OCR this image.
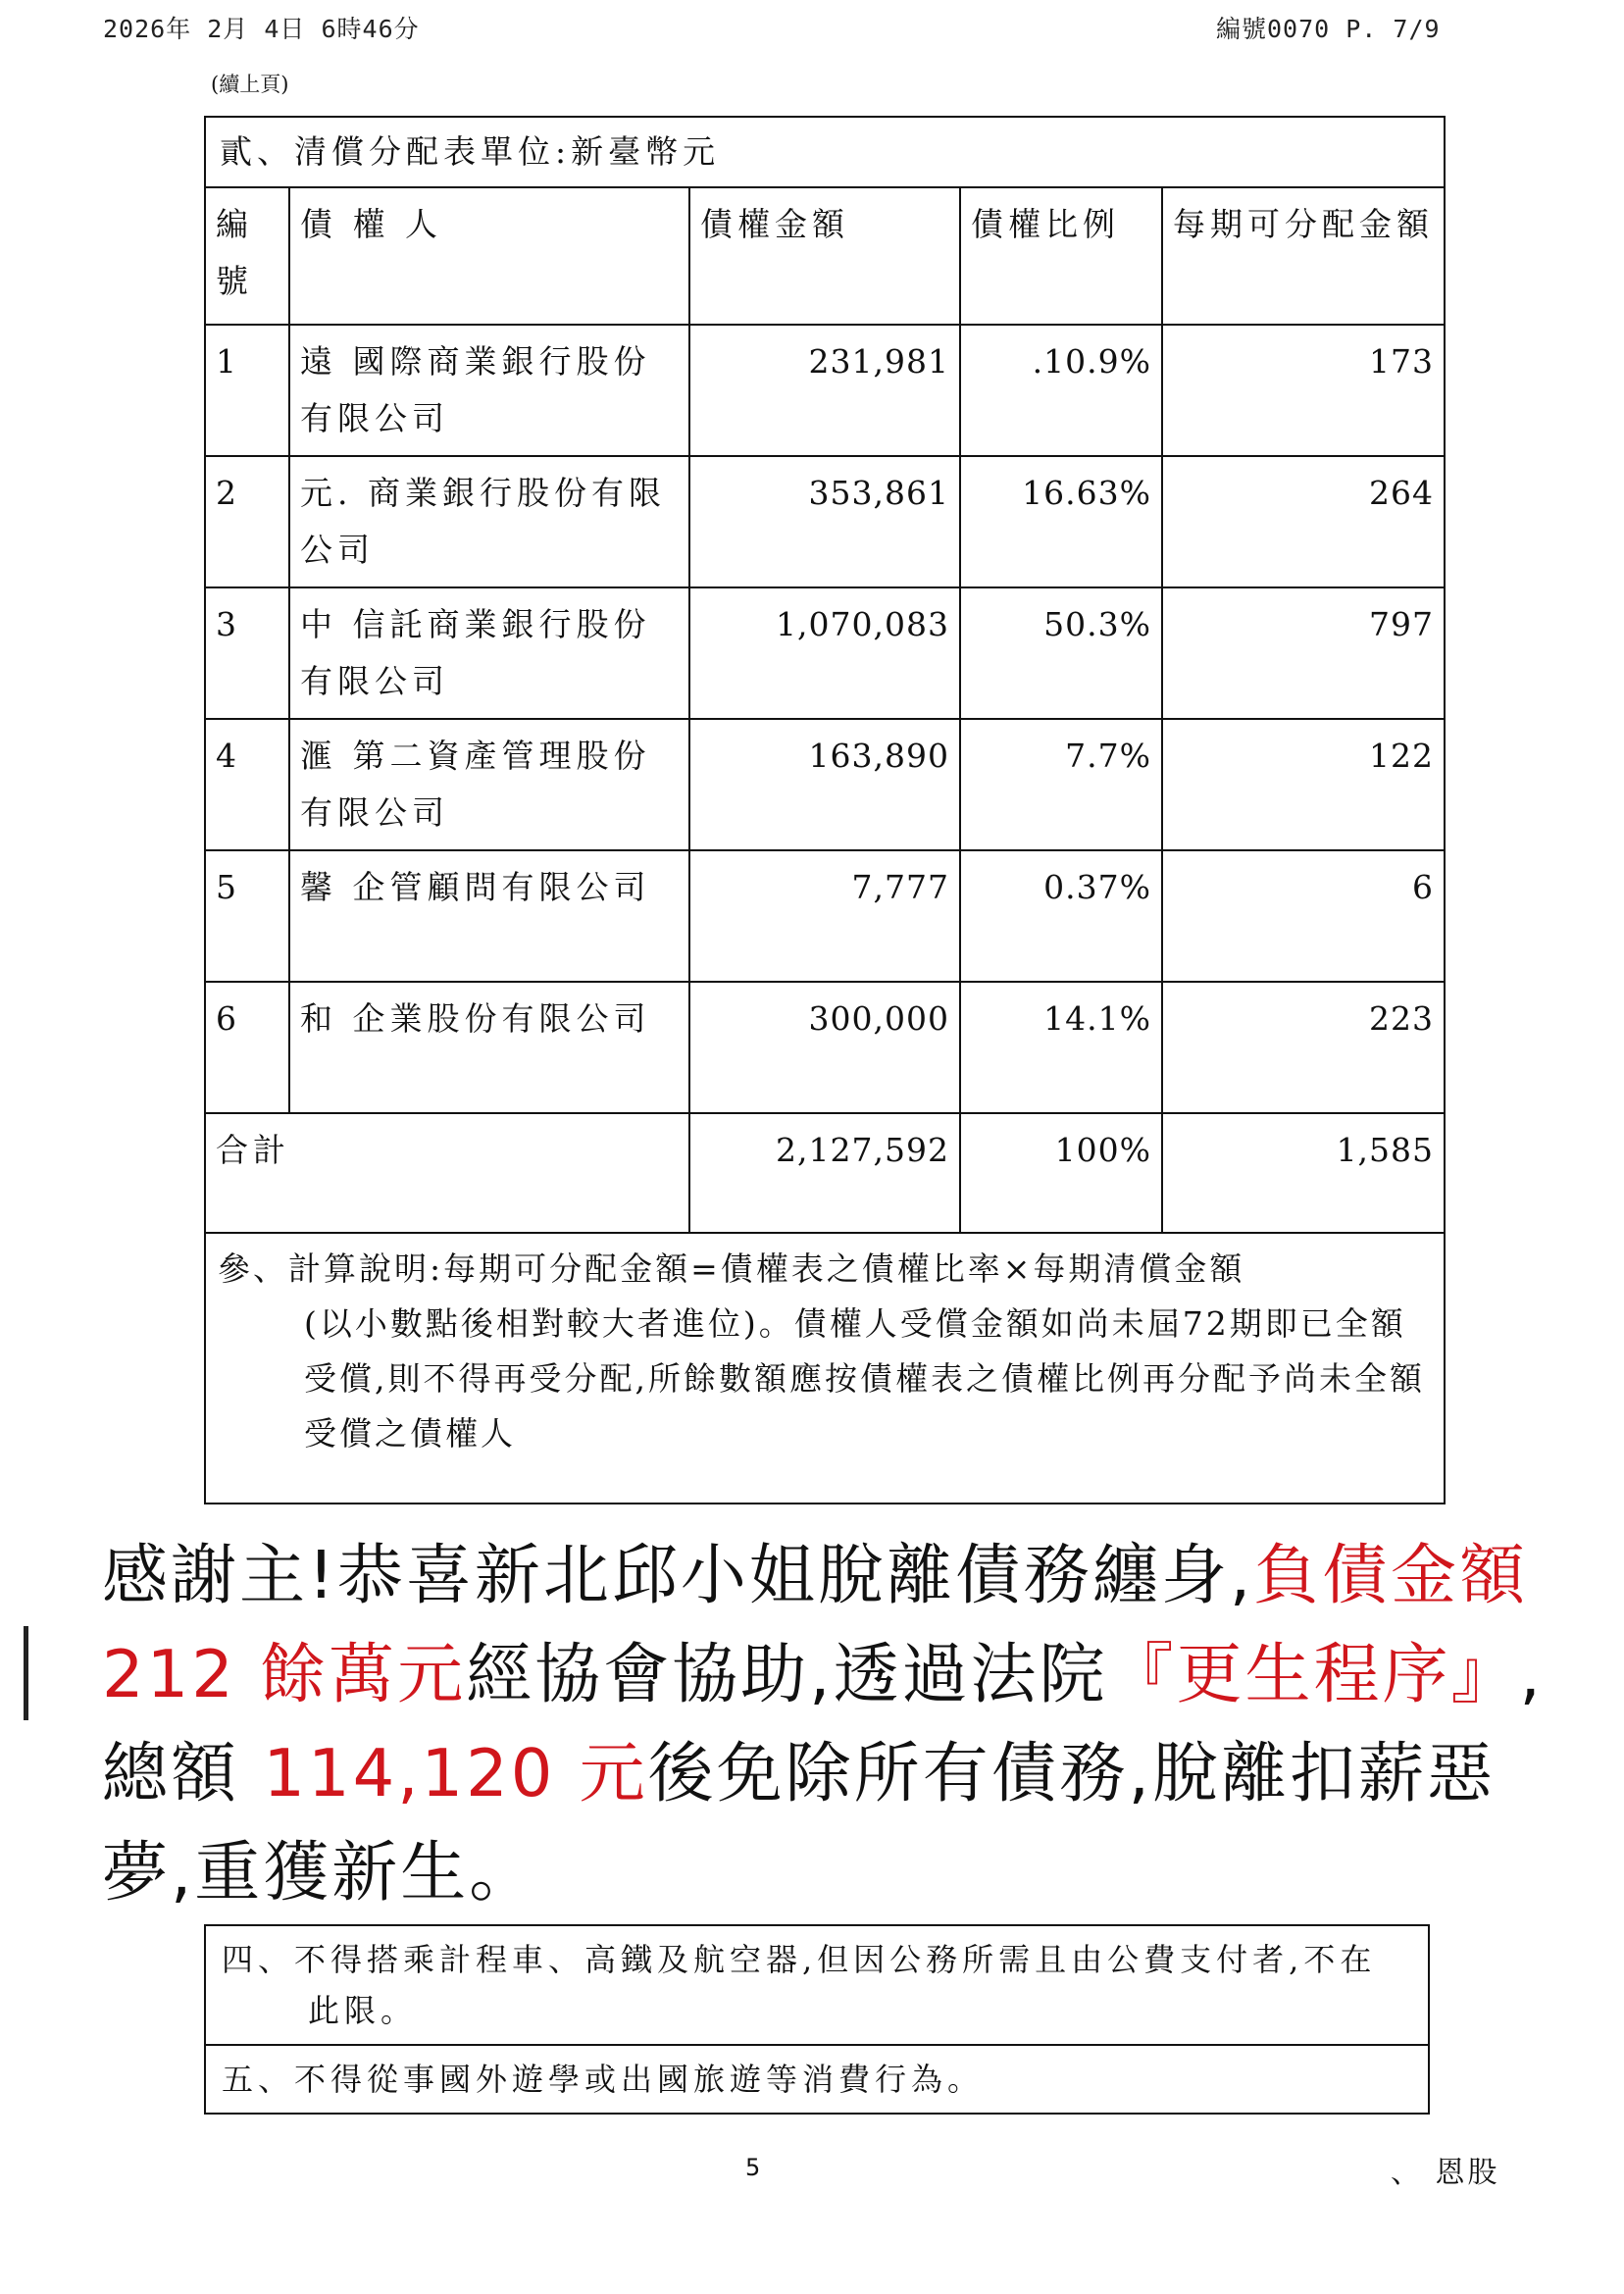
2026年 2月 4日 6時46分	編號0070 P. 7/9
(續上頁)
貳、清償分配表單位:新臺幣元				
編號	債 權 人	債權金額	債權比例	每期可分配金額
1	遠 國際商業銀行股份有限公司	231,981	.10.9%	173
2	元. 商業銀行股份有限公司	353,861	16.63%	264
3	中 信託商業銀行股份有限公司	1,070,083	50.3%	797
4	滙 第二資產管理股份有限公司	163,890	7.7%	122
5	馨 企管顧問有限公司	7,777	0.37%	6
6	和 企業股份有限公司	300,000	14.1%	223
合計		2,127,592	100%	1,585
參、計算說明:每期可分配金額=債權表之債權比率×每期清償金額
(以小數點後相對較大者進位)。債權人受償金額如尚未屆72期即已全額受償,則不得再受分配,所餘數額應按債權表之債權比例再分配予尚未全額受償之債權人				
感謝主!恭喜新北邱小姐脫離債務纏身,負債金額 212 餘萬元經協會協助,透過法院『更生程序』,總額 114,120 元後免除所有債務,脫離扣薪惡夢,重獲新生。
四、不得搭乘計程車、高鐵及航空器,但因公務所需且由公費支付者,不在此限。

五、不得從事國外遊學或出國旅遊等消費行為。
5	、 恩股
